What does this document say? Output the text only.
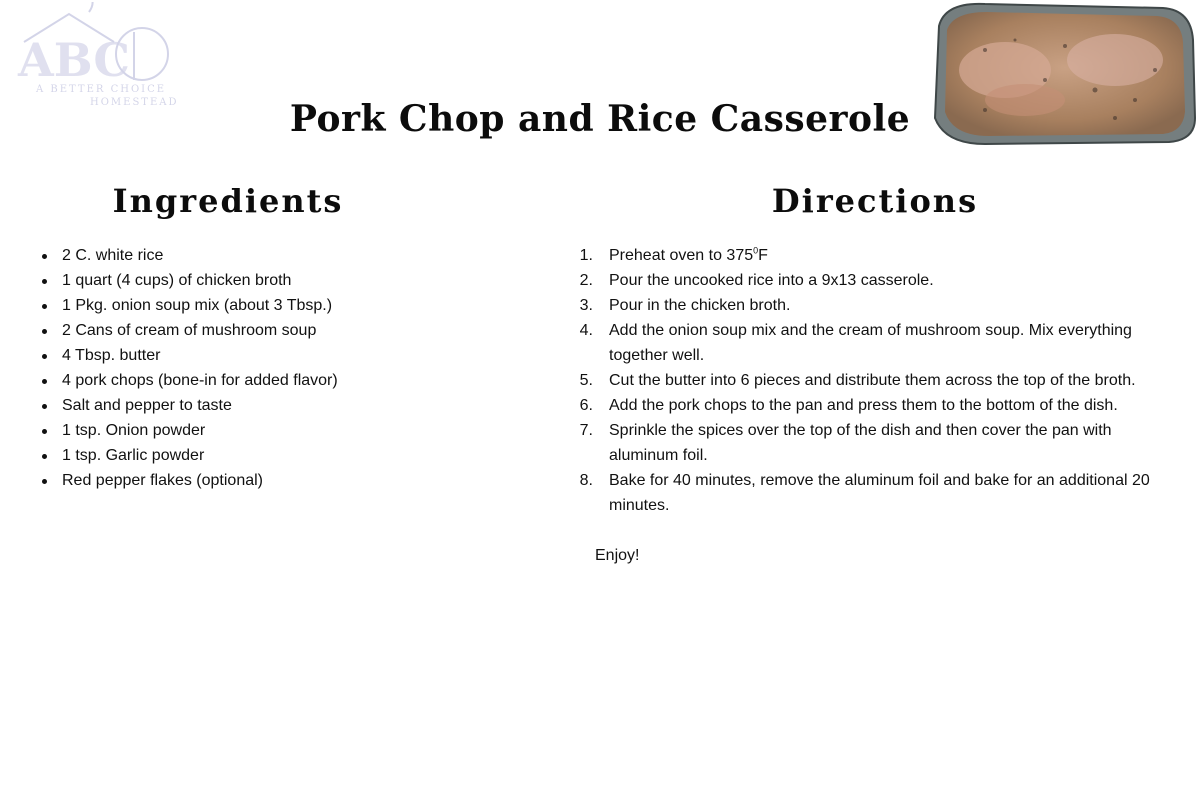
ABC
A BETTER CHOICE
HOMESTEAD	Pork Chop and Rice Casserole
Ingredients
2 C. white rice
1 quart (4 cups) of chicken broth
1 Pkg. onion soup mix (about 3 Tbsp.)
2 Cans of cream of mushroom soup
4 Tbsp. butter
4 pork chops (bone-in for added flavor)
Salt and pepper to taste
1 tsp. Onion powder
1 tsp. Garlic powder
Red pepper flakes (optional)
Directions
1. Preheat oven to $375^0F$
2. Pour the uncooked rice into a 9x13 casserole.
3. Pour in the chicken broth.
4. Add the onion soup mix and the cream of mushroom soup. Mix everything together well.
5. Cut the butter into 6 pieces and distribute them across the top of the broth.
6. Add the pork chops to the pan and press them to the bottom of the dish.
7. Sprinkle the spices over the top of the dish and then cover the pan with aluminum foil.
8. Bake for 40 minutes, remove the aluminum foil and bake for an additional 20 minutes.
Enjoy!
